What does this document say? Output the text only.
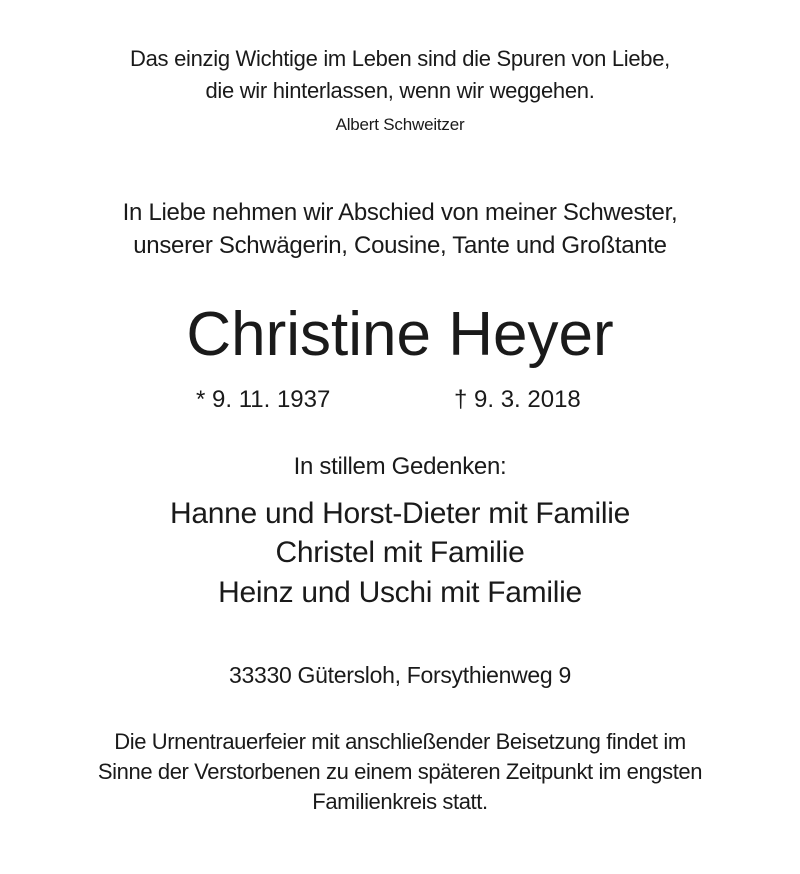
Das einzig Wichtige im Leben sind die Spuren von Liebe,
die wir hinterlassen, wenn wir weggehen.
Albert Schweitzer
In Liebe nehmen wir Abschied von meiner Schwester,
unserer Schwägerin, Cousine, Tante und Großtante
Christine Heyer
* 9. 11. 1937	† 9. 3. 2018
In stillem Gedenken:
Hanne und Horst-Dieter mit Familie
Christel mit Familie
Heinz und Uschi mit Familie
33330 Gütersloh, Forsythienweg 9
Die Urnentrauerfeier mit anschließender Beisetzung findet im
Sinne der Verstorbenen zu einem späteren Zeitpunkt im engsten
Familienkreis statt.
